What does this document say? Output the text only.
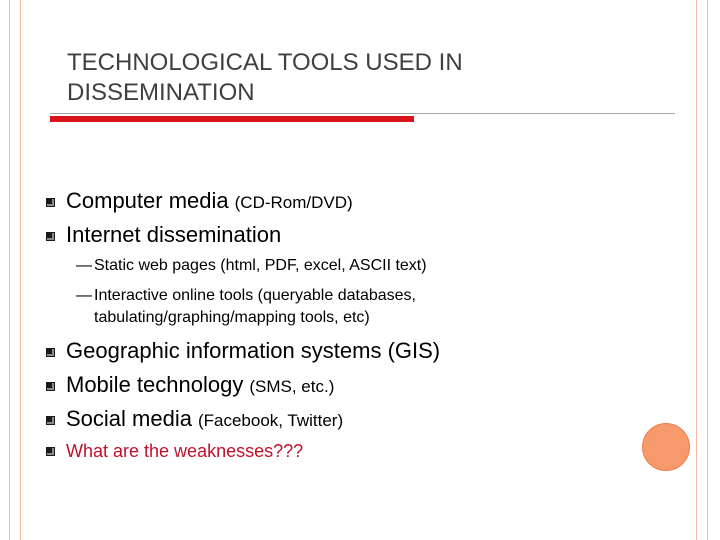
TECHNOLOGICAL TOOLS USED IN DISSEMINATION
Computer media (CD-Rom/DVD)
Internet dissemination
— Static web pages (html, PDF, excel, ASCII text)
— Interactive online tools (queryable databases, tabulating/graphing/mapping tools, etc)
Geographic information systems (GIS)
Mobile technology (SMS, etc.)
Social media (Facebook, Twitter)
What are the weaknesses???
